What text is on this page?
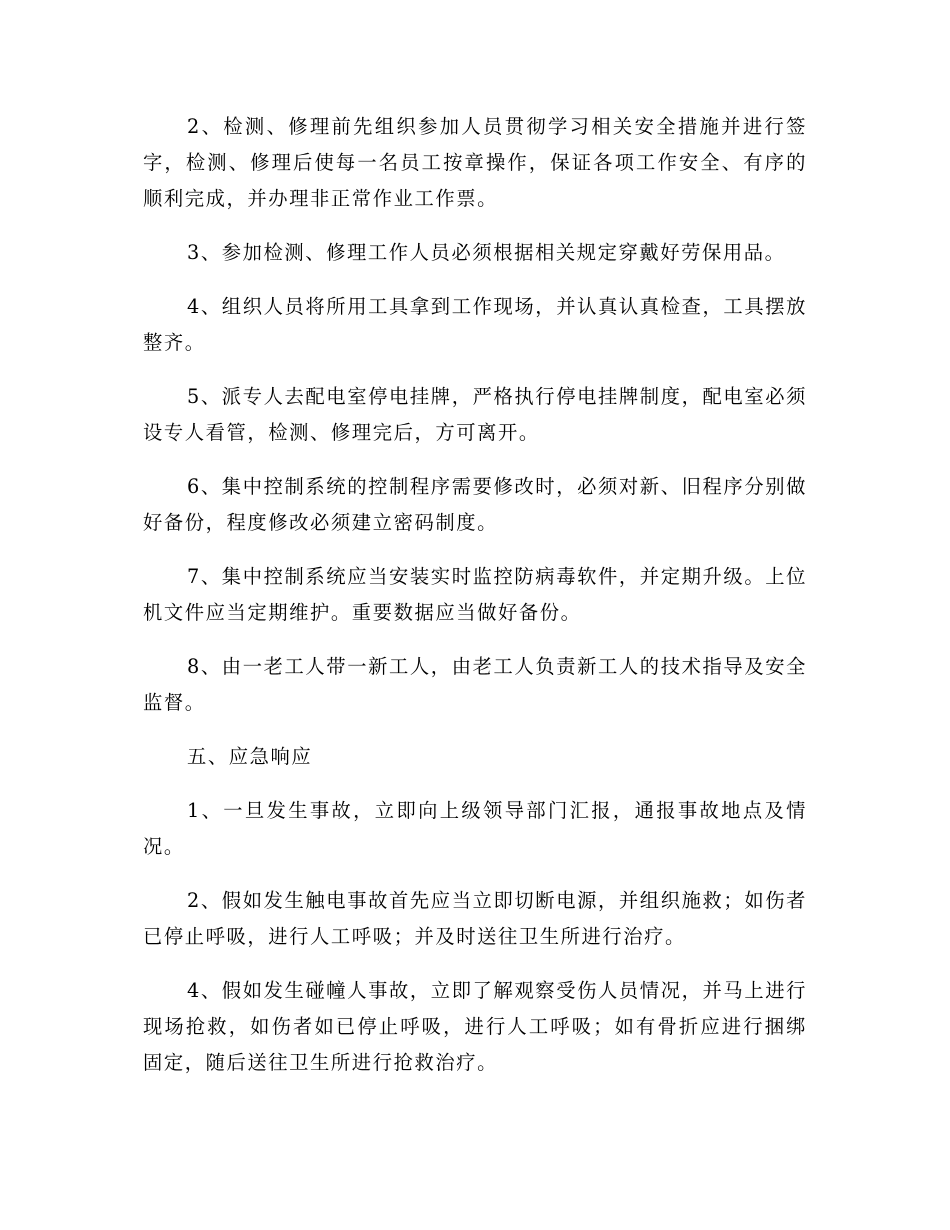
2、检测、修理前先组织参加人员贯彻学习相关安全措施并进行签字，检测、修理后使每一名员工按章操作，保证各项工作安全、有序的顺利完成，并办理非正常作业工作票。

3、参加检测、修理工作人员必须根据相关规定穿戴好劳保用品。

4、组织人员将所用工具拿到工作现场，并认真认真检查，工具摆放整齐。

5、派专人去配电室停电挂牌，严格执行停电挂牌制度，配电室必须设专人看管，检测、修理完后，方可离开。

6、集中控制系统的控制程序需要修改时，必须对新、旧程序分别做好备份，程度修改必须建立密码制度。

7、集中控制系统应当安装实时监控防病毒软件，并定期升级。上位机文件应当定期维护。重要数据应当做好备份。

8、由一老工人带一新工人，由老工人负责新工人的技术指导及安全监督。

五、应急响应

1、一旦发生事故，立即向上级领导部门汇报，通报事故地点及情况。

2、假如发生触电事故首先应当立即切断电源，并组织施救；如伤者已停止呼吸，进行人工呼吸；并及时送往卫生所进行治疗。

4、假如发生碰幢人事故，立即了解观察受伤人员情况，并马上进行现场抢救，如伤者如已停止呼吸，进行人工呼吸；如有骨折应进行捆绑固定，随后送往卫生所进行抢救治疗。
